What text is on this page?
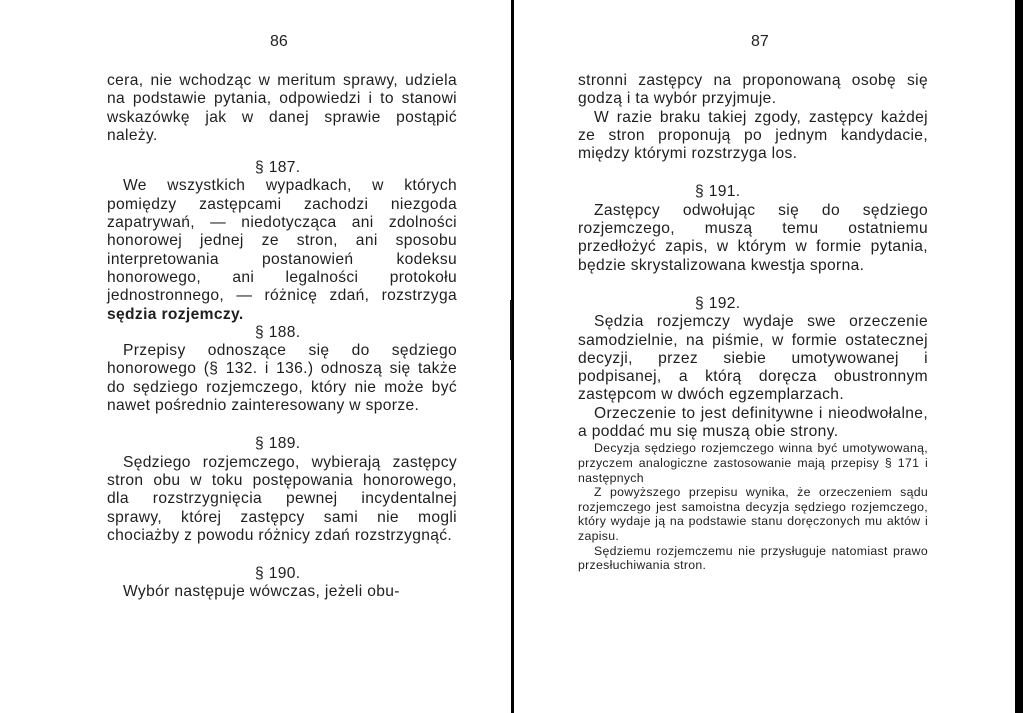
86

cera, nie wchodząc w meritum sprawy, udziela na podstawie pytania, odpowiedzi i to stanowi wskazówkę jak w danej sprawie postąpić należy.

§ 187.

We wszystkich wypadkach, w których pomiędzy zastępcami zachodzi niezgoda zapatrywań, — niedotycząca ani zdolności honorowej jednej ze stron, ani sposobu interpretowania postanowień kodeksu honorowego, ani legalności protokołu jednostronnego, — różnicę zdań, rozstrzyga sędzia rozjemczy.

§ 188.

Przepisy odnoszące się do sędziego honorowego (§ 132. i 136.) odnoszą się także do sędziego rozjemczego, który nie może być nawet pośrednio zainteresowany w sporze.

§ 189.

Sędziego rozjemczego, wybierają zastępcy stron obu w toku postępowania honorowego, dla rozstrzygnięcia pewnej incydentalnej sprawy, której zastępcy sami nie mogli chociażby z powodu różnicy zdań rozstrzygnąć.

§ 190.

Wybór następuje wówczas, jeżeli obu-

87

stronni zastępcy na proponowaną osobę się godzą i ta wybór przyjmuje.

W razie braku takiej zgody, zastępcy każdej ze stron proponują po jednym kandydacie, między którymi rozstrzyga los.

§ 191.

Zastępcy odwołując się do sędziego rozjemczego, muszą temu ostatniemu przedłożyć zapis, w którym w formie pytania, będzie skrystalizowana kwestja sporna.

§ 192.

Sędzia rozjemczy wydaje swe orzeczenie samodzielnie, na piśmie, w formie ostatecznej decyzji, przez siebie umotywowanej i podpisanej, a którą doręcza obustronnym zastępcom w dwóch egzemplarzach.

Orzeczenie to jest definitywne i nieodwołalne, a poddać mu się muszą obie strony.

Decyzja sędziego rozjemczego winna być umotywowaną, przyczem analogiczne zastosowanie mają przepisy § 171 i następnych

Z powyższego przepisu wynika, że orzeczeniem sądu rozjemczego jest samoistna decyzja sędziego rozjemczego, który wydaje ją na podstawie stanu doręczonych mu aktów i zapisu.

Sędziemu rozjemczemu nie przysługuje natomiast prawo przesłuchiwania stron.
